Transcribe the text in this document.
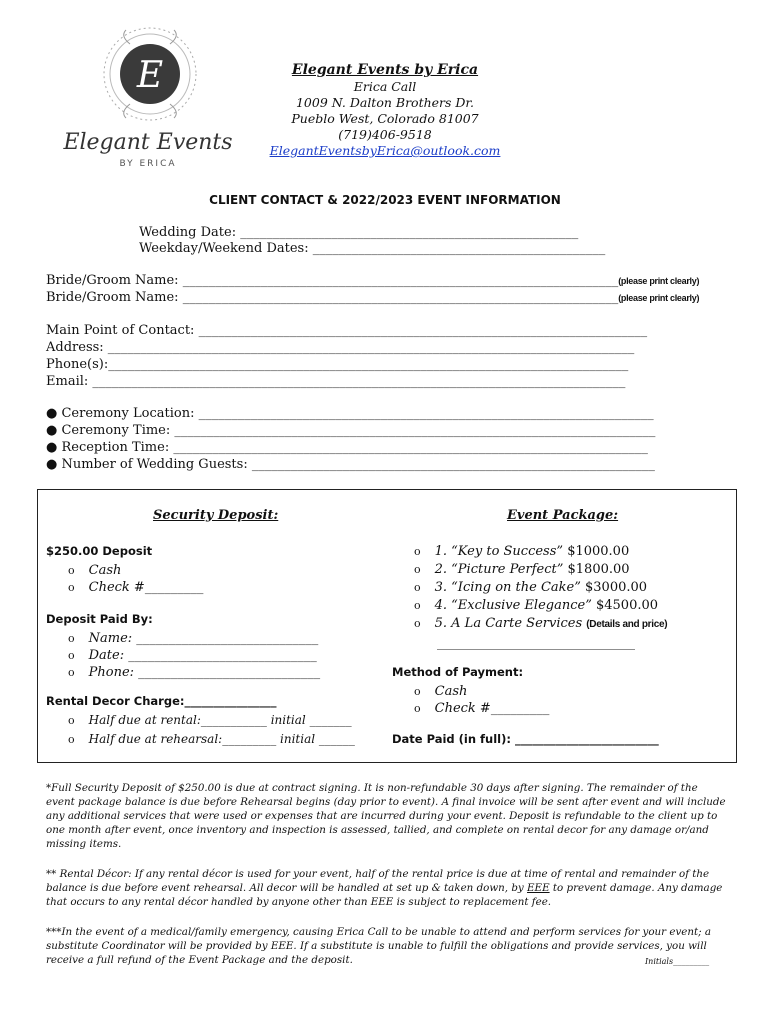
E
Elegant Events
BY ERICA
Elegant Events by Erica
Erica Call
1009 N. Dalton Brothers Dr.
Pueblo West, Colorado 81007
(719)406-9518
ElegantEventsbyErica@outlook.com
CLIENT CONTACT & 2022/2023 EVENT INFORMATION
Wedding Date: ____________________________________________________
Weekday/Weekend Dates: _____________________________________________
Bride/Groom Name: ___________________________________________________________________(please print clearly)
Bride/Groom Name: ___________________________________________________________________(please print clearly)
Main Point of Contact: _____________________________________________________________________
Address: _________________________________________________________________________________
Phone(s):________________________________________________________________________________
Email: __________________________________________________________________________________
● Ceremony Location: ______________________________________________________________________
● Ceremony Time: __________________________________________________________________________
● Reception Time: _________________________________________________________________________
● Number of Wedding Guests: ______________________________________________________________
Security Deposit:
$250.00 Deposit
o Cash
o Check #_________
Deposit Paid By:
o Name: ____________________________
o Date: _____________________________
o Phone: ____________________________
Rental Decor Charge:________________
o Half due at rental:___________ initial _______
o Half due at rehearsal:_________ initial ______
Event Package:
o 1. “Key to Success” $1000.00
o 2. “Picture Perfect” $1800.00
o 3. “Icing on the Cake” $3000.00
o 4. “Exclusive Elegance” $4500.00
o 5. A La Carte Services (Details and price)
_________________________________
Method of Payment:
o Cash
o Check #_________
Date Paid (in full): _________________________
*Full Security Deposit of $250.00 is due at contract signing. It is non-refundable 30 days after signing. The remainder of the event package balance is due before Rehearsal begins (day prior to event). A final invoice will be sent after event and will include any additional services that were used or expenses that are incurred during your event. Deposit is refundable to the client up to one month after event, once inventory and inspection is assessed, tallied, and complete on rental decor for any damage or/and missing items.
** Rental Décor: If any rental décor is used for your event, half of the rental price is due at time of rental and remainder of the balance is due before event rehearsal. All decor will be handled at set up & taken down, by EEE to prevent damage. Any damage that occurs to any rental décor handled by anyone other than EEE is subject to replacement fee.
***In the event of a medical/family emergency, causing Erica Call to be unable to attend and perform services for your event; a substitute Coordinator will be provided by EEE. If a substitute is unable to fulfill the obligations and provide services, you will receive a full refund of the Event Package and the deposit.	Initials_________
